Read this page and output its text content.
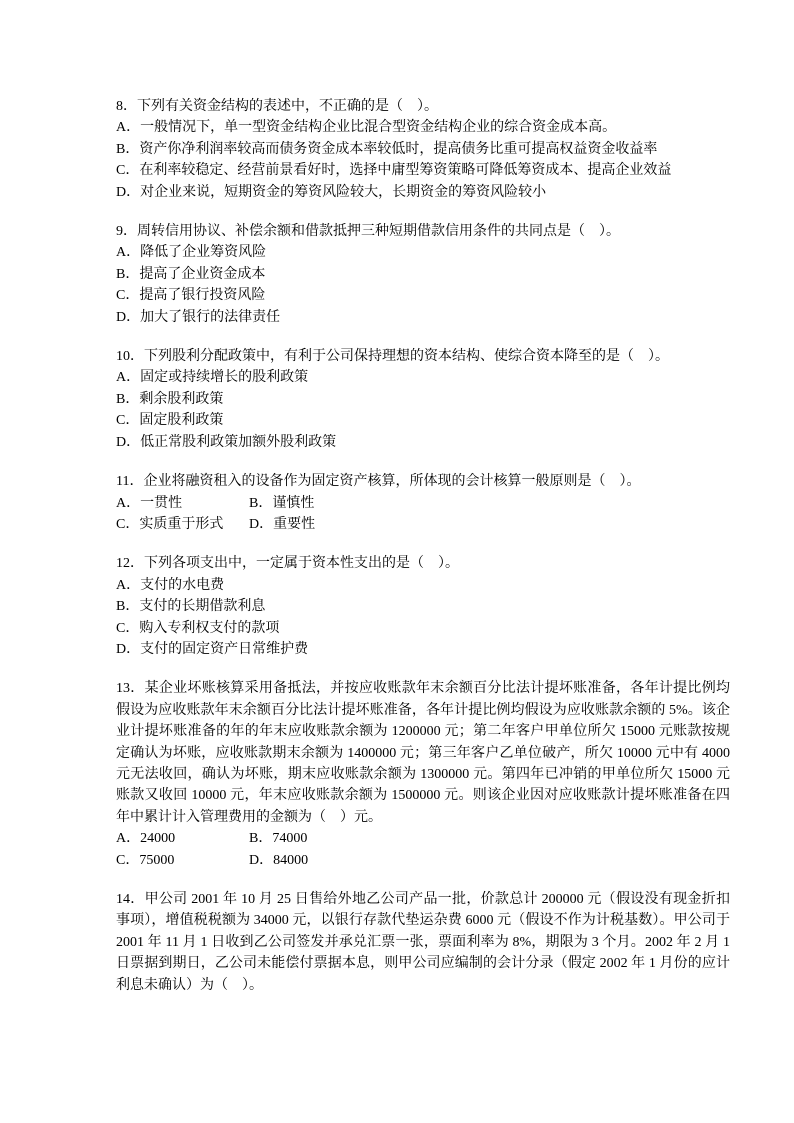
8．下列有关资金结构的表述中，不正确的是（　）。

A．一般情况下，单一型资金结构企业比混合型资金结构企业的综合资金成本高。

B．资产你净利润率较高而债务资金成本率较低时，提高债务比重可提高权益资金收益率

C．在利率较稳定、经营前景看好时，选择中庸型筹资策略可降低筹资成本、提高企业效益

D．对企业来说，短期资金的筹资风险较大，长期资金的筹资风险较小

9．周转信用协议、补偿余额和借款抵押三种短期借款信用条件的共同点是（　）。

A．降低了企业筹资风险

B．提高了企业资金成本

C．提高了银行投资风险

D．加大了银行的法律责任

10．下列股利分配政策中，有利于公司保持理想的资本结构、使综合资本降至的是（　）。

A．固定或持续增长的股利政策

B．剩余股利政策

C．固定股利政策

D．低正常股利政策加额外股利政策

11．企业将融资租入的设备作为固定资产核算，所体现的会计核算一般原则是（　）。

A．一贯性	B．谨慎性

C．实质重于形式 D．重要性

12．下列各项支出中，一定属于资本性支出的是（　）。

A．支付的水电费

B．支付的长期借款利息

C．购入专利权支付的款项

D．支付的固定资产日常维护费

13．某企业坏账核算采用备抵法，并按应收账款年末余额百分比法计提坏账准备，各年计提比例均假设为应收账款年末余额百分比法计提坏账准备，各年计提比例均假设为应收账款余额的 5%。该企业计提坏账准备的年的年末应收账款余额为 1200000 元；第二年客户甲单位所欠 15000 元账款按规定确认为坏账，应收账款期末余额为 1400000 元；第三年客户乙单位破产，所欠 10000 元中有 4000 元无法收回，确认为坏账，期末应收账款余额为 1300000 元。第四年已冲销的甲单位所欠 15000 元账款又收回 10000 元，年末应收账款余额为 1500000 元。则该企业因对应收账款计提坏账准备在四年中累计计入管理费用的金额为（　）元。

A．24000	B．74000

C．75000	D．84000

14．甲公司 2001 年 10 月 25 日售给外地乙公司产品一批，价款总计 200000 元（假设没有现金折扣事项），增值税税额为 34000 元，以银行存款代垫运杂费 6000 元（假设不作为计税基数）。甲公司于 2001 年 11 月 1 日收到乙公司签发并承兑汇票一张，票面利率为 8%，期限为 3 个月。2002 年 2 月 1 日票据到期日，乙公司未能偿付票据本息，则甲公司应编制的会计分录（假定 2002 年 1 月份的应计利息未确认）为（　）。
